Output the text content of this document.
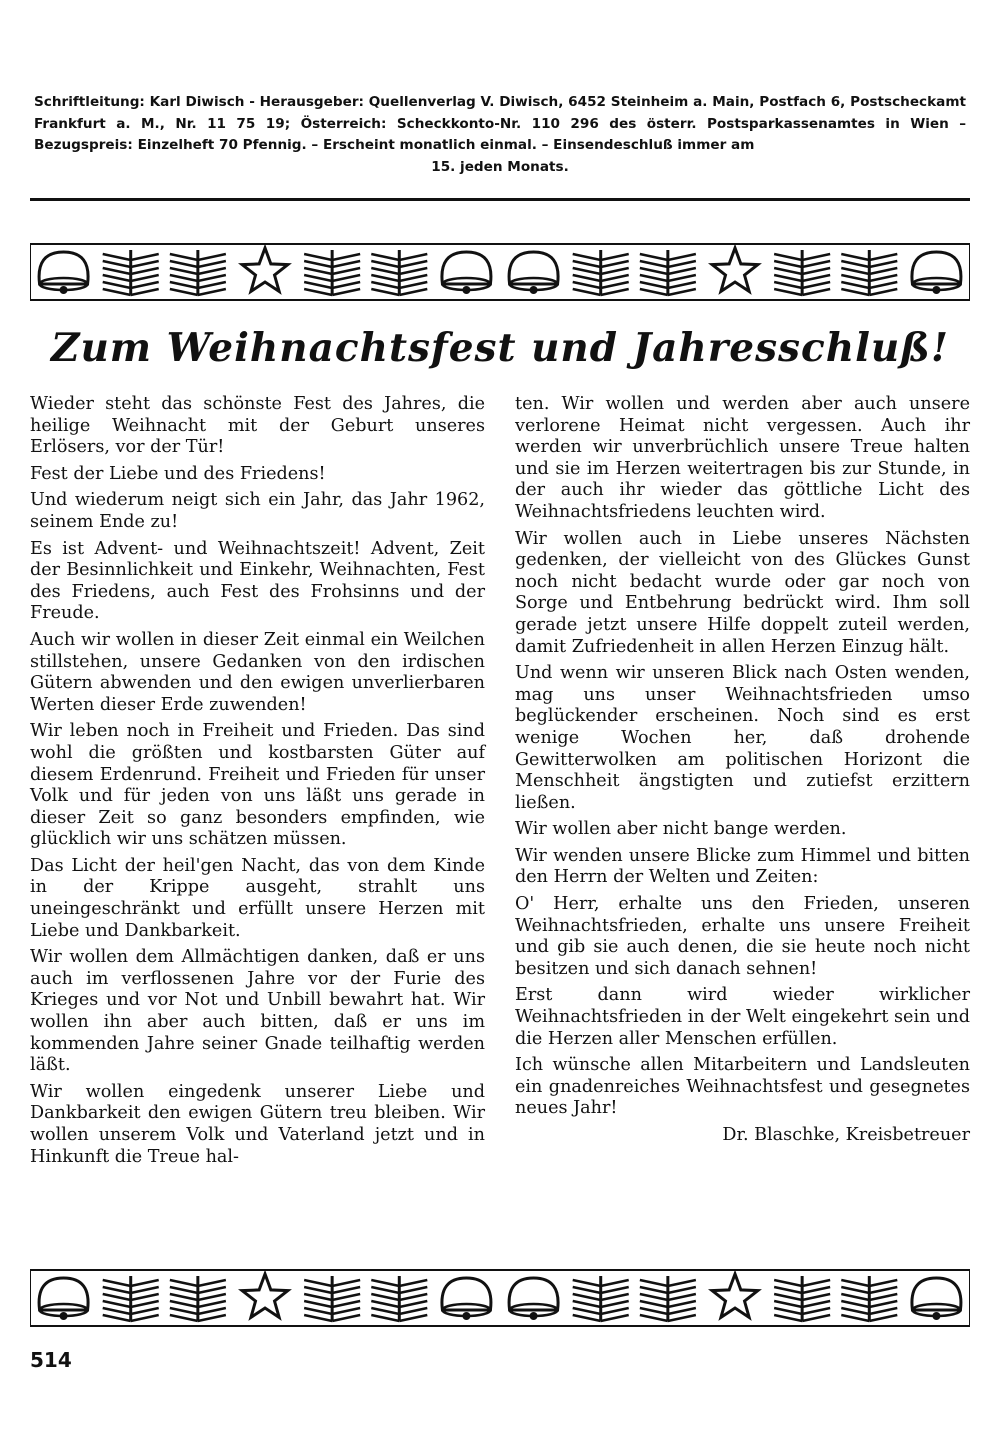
Schriftleitung: Karl Diwisch - Herausgeber: Quellenverlag V. Diwisch, 6452 Steinheim a. Main, Postfach 6, Postscheckamt Frankfurt a. M., Nr. 11 75 19; Österreich: Scheckkonto-Nr. 110 296 des österr. Postsparkassenamtes in Wien – Bezugspreis: Einzelheft 70 Pfennig. – Erscheint monatlich einmal. – Einsendeschluß immer am
15. jeden Monats.
Zum Weihnachtsfest und Jahresschluß!

Wieder steht das schönste Fest des Jahres, die heilige Weihnacht mit der Geburt unseres Erlösers, vor der Tür!

Fest der Liebe und des Friedens!

Und wiederum neigt sich ein Jahr, das Jahr 1962, seinem Ende zu!

Es ist Advent- und Weihnachtszeit! Advent, Zeit der Besinnlichkeit und Einkehr, Weihnachten, Fest des Friedens, auch Fest des Frohsinns und der Freude.

Auch wir wollen in dieser Zeit einmal ein Weilchen stillstehen, unsere Gedanken von den irdischen Gütern abwenden und den ewigen unverlierbaren Werten dieser Erde zuwenden!

Wir leben noch in Freiheit und Frieden. Das sind wohl die größten und kostbarsten Güter auf diesem Erdenrund. Freiheit und Frieden für unser Volk und für jeden von uns läßt uns gerade in dieser Zeit so ganz besonders empfinden, wie glücklich wir uns schätzen müssen.

Das Licht der heil'gen Nacht, das von dem Kinde in der Krippe ausgeht, strahlt uns uneingeschränkt und erfüllt unsere Herzen mit Liebe und Dankbarkeit.

Wir wollen dem Allmächtigen danken, daß er uns auch im verflossenen Jahre vor der Furie des Krieges und vor Not und Unbill bewahrt hat. Wir wollen ihn aber auch bitten, daß er uns im kommenden Jahre seiner Gnade teilhaftig werden läßt.

Wir wollen eingedenk unserer Liebe und Dankbarkeit den ewigen Gütern treu bleiben. Wir wollen unserem Volk und Vaterland jetzt und in Hinkunft die Treue hal-

ten. Wir wollen und werden aber auch unsere verlorene Heimat nicht vergessen. Auch ihr werden wir unverbrüchlich unsere Treue halten und sie im Herzen weitertragen bis zur Stunde, in der auch ihr wieder das göttliche Licht des Weihnachtsfriedens leuchten wird.

Wir wollen auch in Liebe unseres Nächsten gedenken, der vielleicht von des Glückes Gunst noch nicht bedacht wurde oder gar noch von Sorge und Entbehrung bedrückt wird. Ihm soll gerade jetzt unsere Hilfe doppelt zuteil werden, damit Zufriedenheit in allen Herzen Einzug hält.

Und wenn wir unseren Blick nach Osten wenden, mag uns unser Weihnachtsfrieden umso beglückender erscheinen. Noch sind es erst wenige Wochen her, daß drohende Gewitterwolken am politischen Horizont die Menschheit ängstigten und zutiefst erzittern ließen.

Wir wollen aber nicht bange werden.

Wir wenden unsere Blicke zum Himmel und bitten den Herrn der Welten und Zeiten:

O' Herr, erhalte uns den Frieden, unseren Weihnachtsfrieden, erhalte uns unsere Freiheit und gib sie auch denen, die sie heute noch nicht besitzen und sich danach sehnen!

Erst dann wird wieder wirklicher Weihnachtsfrieden in der Welt eingekehrt sein und die Herzen aller Menschen erfüllen.

Ich wünsche allen Mitarbeitern und Landsleuten ein gnadenreiches Weihnachtsfest und gesegnetes neues Jahr!

Dr. Blaschke, Kreisbetreuer

514
